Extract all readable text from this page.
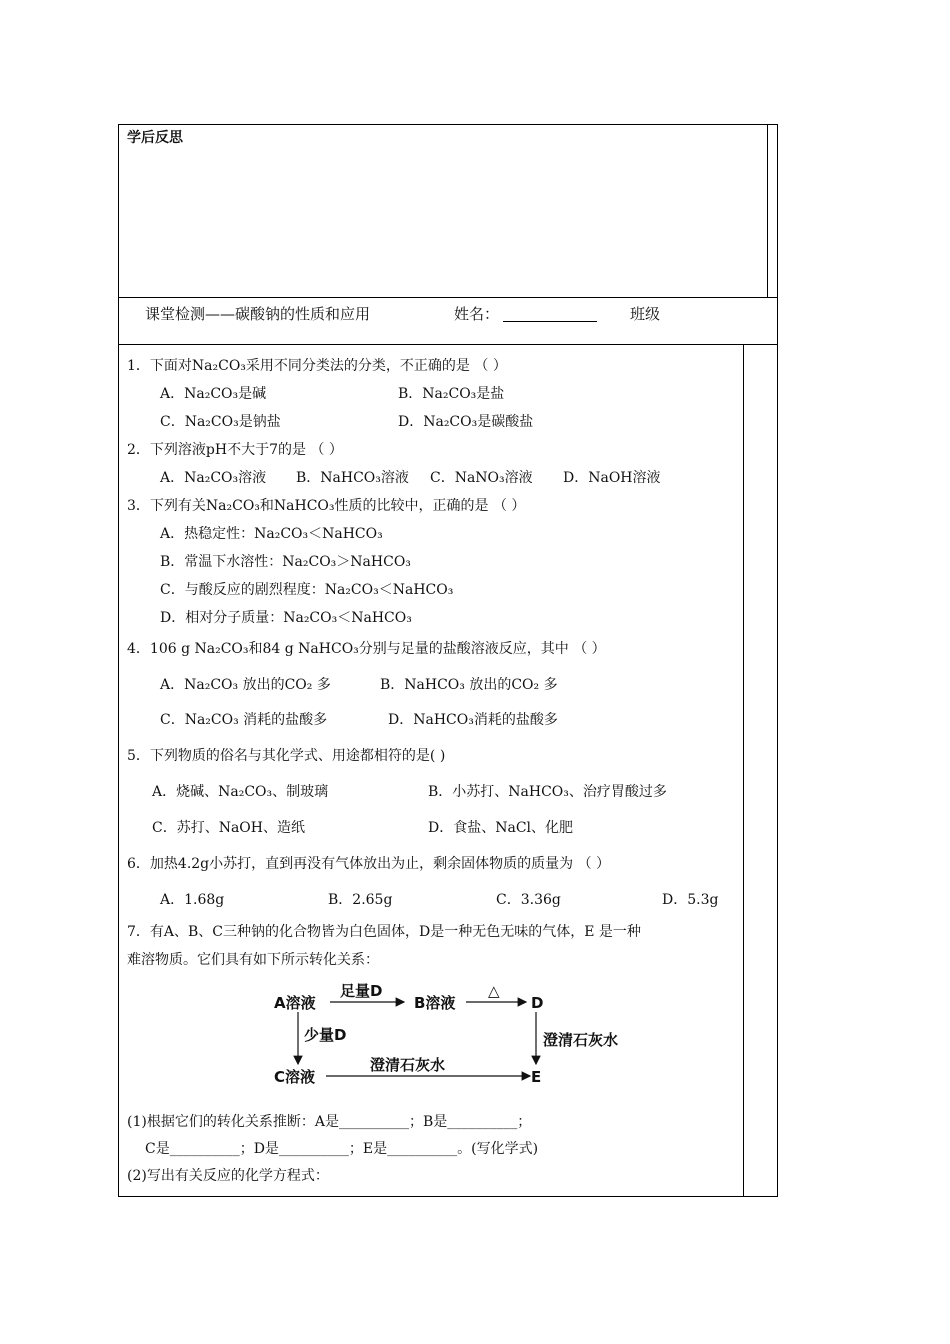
学后反思
课堂检测——碳酸钠的性质和应用	姓名：	班级
1．下面对Na₂CO₃采用不同分类法的分类，不正确的是 （ ）
A．Na₂CO₃是碱	B．Na₂CO₃是盐
C．Na₂CO₃是钠盐	D．Na₂CO₃是碳酸盐
2．下列溶液pH不大于7的是 （ ）
A．Na₂CO₃溶液 B．NaHCO₃溶液 C．NaNO₃溶液 D．NaOH溶液
3．下列有关Na₂CO₃和NaHCO₃性质的比较中，正确的是 （ ）
A．热稳定性：Na₂CO₃＜NaHCO₃
B．常温下水溶性：Na₂CO₃＞NaHCO₃
C．与酸反应的剧烈程度：Na₂CO₃＜NaHCO₃
D．相对分子质量：Na₂CO₃＜NaHCO₃
4．106 g Na₂CO₃和84 g NaHCO₃分别与足量的盐酸溶液反应，其中 （ ）
A．Na₂CO₃ 放出的CO₂ 多	B．NaHCO₃ 放出的CO₂ 多
C．Na₂CO₃ 消耗的盐酸多	D．NaHCO₃消耗的盐酸多
5．下列物质的俗名与其化学式、用途都相符的是( )
A．烧碱、Na₂CO₃、制玻璃	B．小苏打、NaHCO₃、治疗胃酸过多
C．苏打、NaOH、造纸	D．食盐、NaCl、化肥
6．加热4.2g小苏打，直到再没有气体放出为止，剩余固体物质的质量为 （ ）
A．1.68g	B．2.65g	C．3.36g	D．5.3g
7．有A、B、C三种钠的化合物皆为白色固体，D是一种无色无味的气体，E 是一种
难溶物质。它们具有如下所示转化关系：
A溶液	B溶液	D
C溶液	E
足量D	△
少量D	澄清石灰水
澄清石灰水
(1)根据它们的转化关系推断：A是__________；B是__________；
C是__________；D是__________；E是__________。(写化学式)
(2)写出有关反应的化学方程式：
